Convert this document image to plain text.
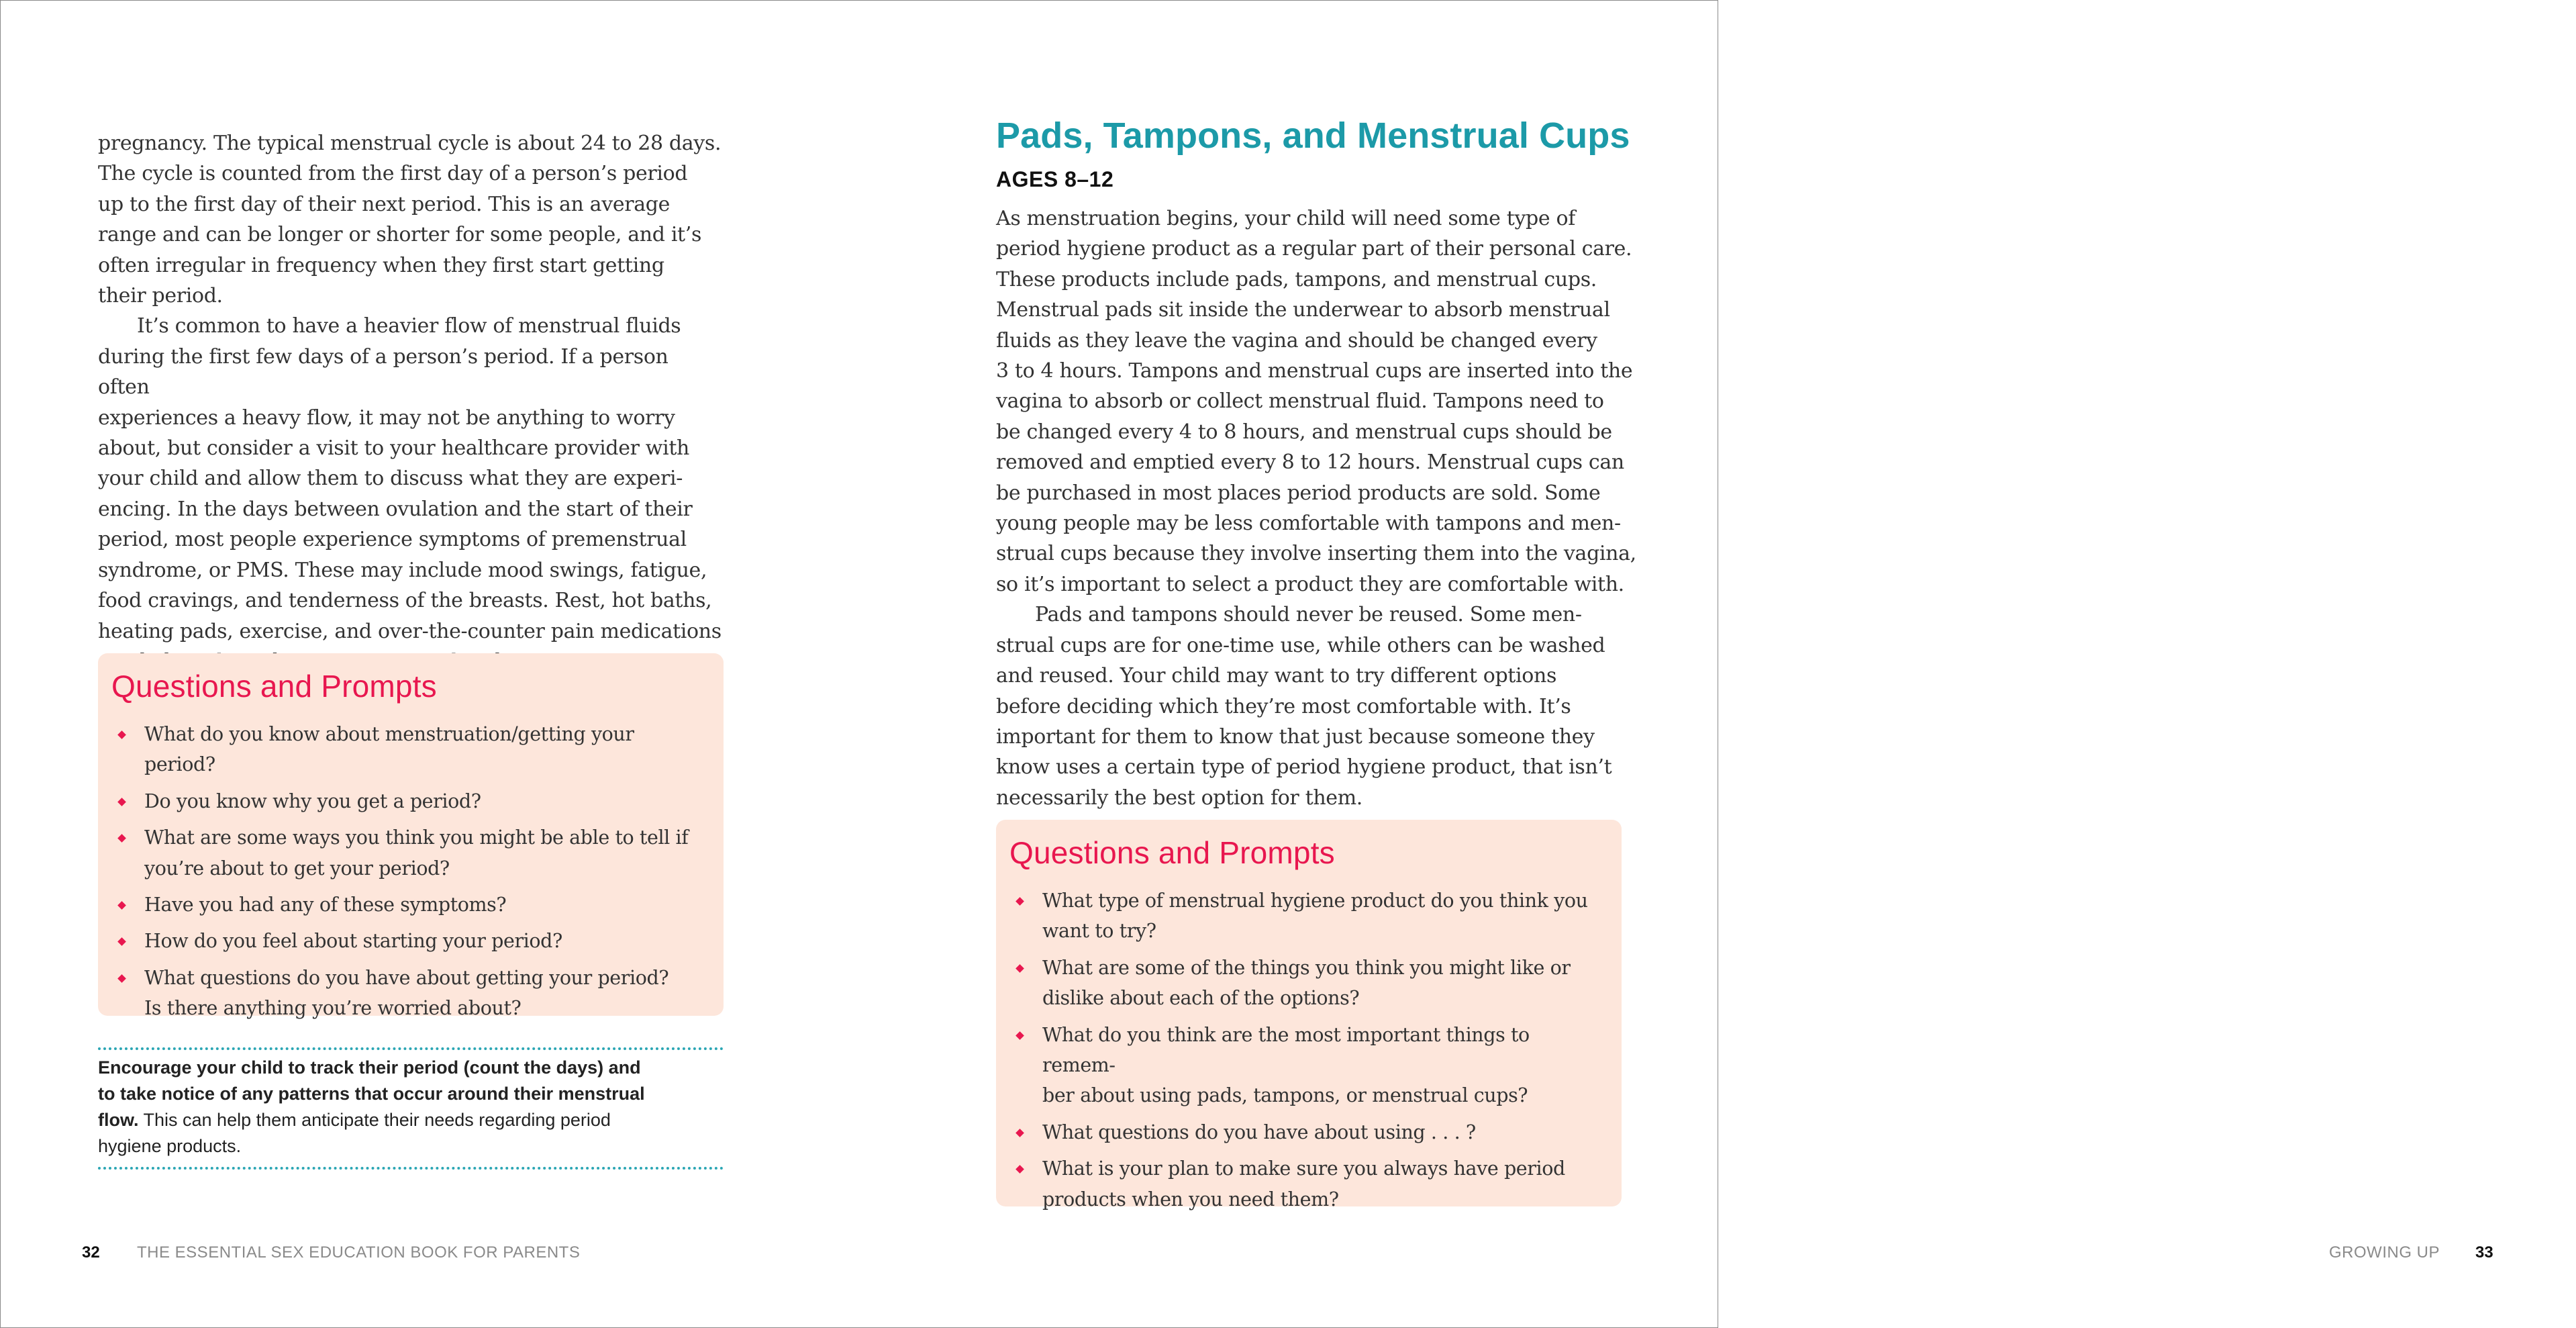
pregnancy. The typical menstrual cycle is about 24 to 28 days.
The cycle is counted from the first day of a person’s period
up to the first day of their next period. This is an average
range and can be longer or shorter for some people, and it’s
often irregular in frequency when they first start getting
their period.

It’s common to have a heavier flow of menstrual fluids
during the first few days of a person’s period. If a person often
experiences a heavy flow, it may not be anything to worry
about, but consider a visit to your healthcare provider with
your child and allow them to discuss what they are experi-
encing. In the days between ovulation and the start of their
period, most people experience symptoms of premenstrual
syndrome, or PMS. These may include mood swings, fatigue,
food cravings, and tenderness of the breasts. Rest, hot baths,
heating pads, exercise, and over-the-counter pain medications

Questions and Prompts
What do you know about menstruation/getting your period?
Do you know why you get a period?
What are some ways you think you might be able to tell if
you’re about to get your period?
Have you had any of these symptoms?
How do you feel about starting your period?
What questions do you have about getting your period?
Is there anything you’re worried about?

Encourage your child to track their period (count the days) and
to take notice of any patterns that occur around their menstrual
flow. This can help them anticipate their needs regarding period
hygiene products.

32 THE ESSENTIAL SEX EDUCATION BOOK FOR PARENTS
Pads, Tampons, and Menstrual Cups
AGES 8–12

As menstruation begins, your child will need some type of
period hygiene product as a regular part of their personal care.
These products include pads, tampons, and menstrual cups.
Menstrual pads sit inside the underwear to absorb menstrual
fluids as they leave the vagina and should be changed every
3 to 4 hours. Tampons and menstrual cups are inserted into the
vagina to absorb or collect menstrual fluid. Tampons need to
be changed every 4 to 8 hours, and menstrual cups should be
removed and emptied every 8 to 12 hours. Menstrual cups can
be purchased in most places period products are sold. Some
young people may be less comfortable with tampons and men-
strual cups because they involve inserting them into the vagina,
so it’s important to select a product they are comfortable with.

Pads and tampons should never be reused. Some men-
strual cups are for one-time use, while others can be washed
and reused. Your child may want to try different options
before deciding which they’re most comfortable with. It’s
important for them to know that just because someone they
know uses a certain type of period hygiene product, that isn’t
necessarily the best option for them.

Questions and Prompts
What type of menstrual hygiene product do you think you
want to try?
What are some of the things you think you might like or
dislike about each of the options?
What do you think are the most important things to remem-
ber about using pads, tampons, or menstrual cups?
What questions do you have about using . . . ?
What is your plan to make sure you always have period
products when you need them?
GROWING UP 33
